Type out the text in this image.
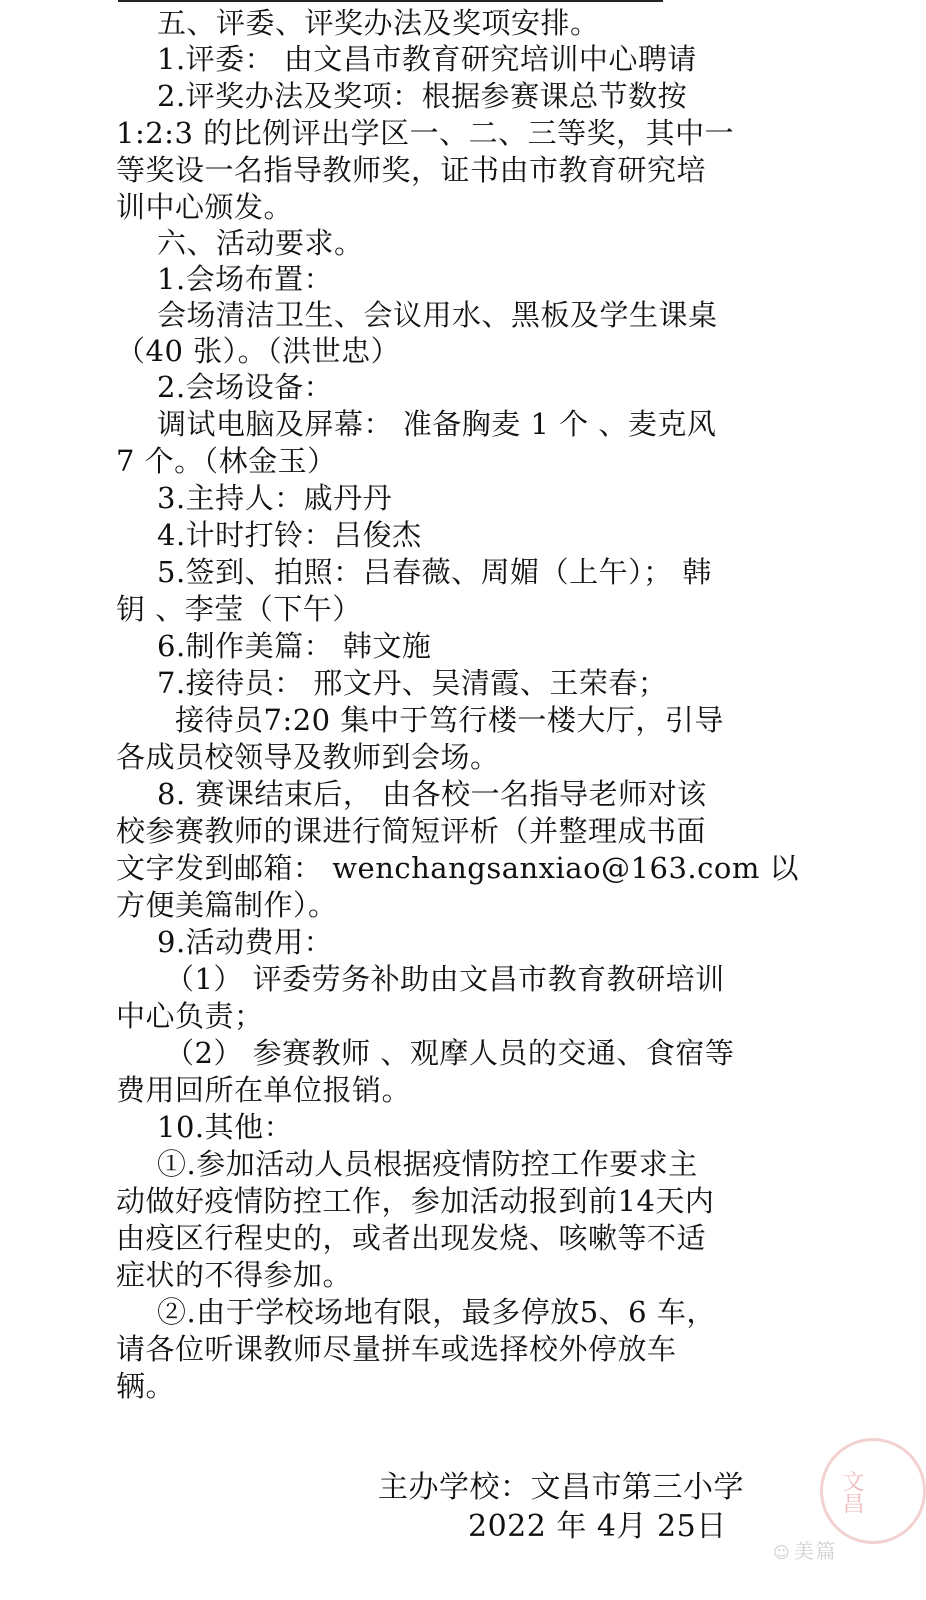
五、评委、评奖办法及奖项安排。
1.评委： 由文昌市教育研究培训中心聘请
2.评奖办法及奖项：根据参赛课总节数按
1:2:3 的比例评出学区一、二、三等奖，其中一
等奖设一名指导教师奖，证书由市教育研究培
训中心颁发。
六、活动要求。
1.会场布置：
会场清洁卫生、会议用水、黑板及学生课桌
（40 张）。（洪世忠）
2.会场设备：
调试电脑及屏幕： 准备胸麦 1 个 、麦克风
7 个。（林金玉）
3.主持人：戚丹丹
4.计时打铃：吕俊杰
5.签到、拍照：吕春薇、周媚（上午）； 韩
钥 、李莹（下午）
6.制作美篇： 韩文施
7.接待员： 邢文丹、吴清霞、王荣春；
接待员7:20 集中于笃行楼一楼大厅，引导
各成员校领导及教师到会场。
8. 赛课结束后， 由各校一名指导老师对该
校参赛教师的课进行简短评析（并整理成书面
文字发到邮箱： wenchangsanxiao@163.com 以
方便美篇制作）。
9.活动费用：
（1） 评委劳务补助由文昌市教育教研培训
中心负责；
（2） 参赛教师 、观摩人员的交通、食宿等
费用回所在单位报销。
10.其他：
①.参加活动人员根据疫情防控工作要求主
动做好疫情防控工作，参加活动报到前14天内
由疫区行程史的，或者出现发烧、咳嗽等不适
症状的不得参加。
②.由于学校场地有限，最多停放5、6 车，
请各位听课教师尽量拼车或选择校外停放车
辆。
主办学校：文昌市第三小学
2022 年 4月 25日
文昌
☺ 美篇
